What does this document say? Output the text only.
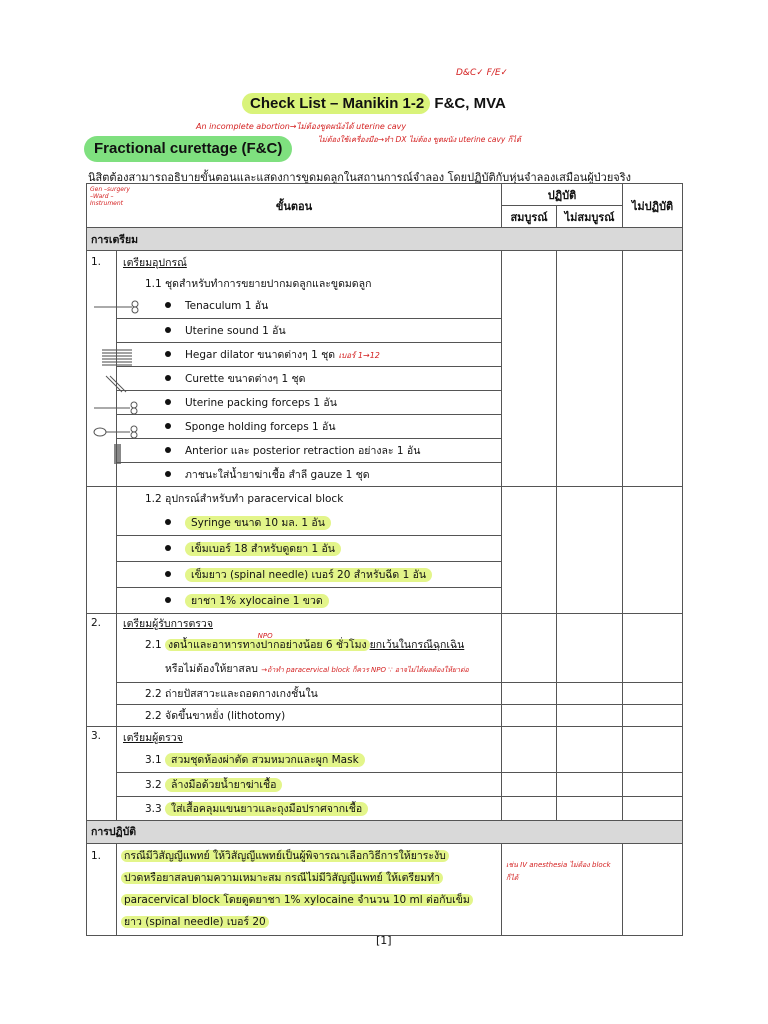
Check List – Manikin 1-2 F&C, MVA
D&C✓ F/E✓
An incomplete abortion→ไม่ต้องขูดผนังได้ uterine cavy
ไม่ต้องใช้เครื่องมือ→ทำ DX ไม่ต้อง ขูดผนัง uterine cavy ก็ได้
Fractional curettage (F&C)
นิสิตต้องสามารถอธิบายขั้นตอนและแสดงการขูดมดลูกในสถานการณ์จำลอง โดยปฏิบัติกับหุ่นจำลองเสมือนผู้ป่วยจริง
Gen –surgery –Ward –Instrument	ขั้นตอน		ปฏิบัติ		ไม่ปฏิบัติ
		สมบูรณ์	ไม่สมบูรณ์	
การเตรียม				
1.	เตรียมอุปกรณ์			
	1.1 ชุดสำหรับทำการขยายปากมดลูกและขูดมดลูก			
	Tenaculum 1 อัน			
	Uterine sound 1 อัน			
	Hegar dilator ขนาดต่างๆ 1 ชุด เบอร์ 1→12			
	Curette ขนาดต่างๆ 1 ชุด			
	Uterine packing forceps 1 อัน			
	Sponge holding forceps 1 อัน			
	Anterior และ posterior retraction อย่างละ 1 อัน			
	ภาชนะใส่น้ำยาฆ่าเชื้อ สำลี gauze 1 ชุด			
	1.2 อุปกรณ์สำหรับทำ paracervical block			
	Syringe ขนาด 10 มล. 1 อัน			
	เข็มเบอร์ 18 สำหรับดูดยา 1 อัน			
	เข็มยาว (spinal needle) เบอร์ 20 สำหรับฉีด 1 อัน			
	ยาชา 1% xylocaine 1 ขวด			
2.	เตรียมผู้รับการตรวจ			
	2.1 งดน้ำและอาหารทางปากอย่างน้อย 6 ชั่วโมง ยกเว้นในกรณีฉุกเฉิน $^{NPO}$
หรือไม่ต้องให้ยาสลบ →ถ้าทำ paracervical block ก็ควร NPO ∵ อาจไม่ได้ผลต้องให้ยาต่อ			
	2.2 ถ่ายปัสสาวะและถอดกางเกงชั้นใน			
	2.2 จัดขึ้นขาหยั่ง (lithotomy)			
3.	เตรียมผู้ตรวจ			
	3.1 สวมชุดห้องผ่าตัด สวมหมวกและผูก Mask			
	3.2 ล้างมือด้วยน้ำยาฆ่าเชื้อ			
	3.3 ใส่เสื้อคลุมแขนยาวและถุงมือปราศจากเชื้อ			
การปฏิบัติ				
1.	กรณีมีวิสัญญีแพทย์ ให้วิสัญญีแพทย์เป็นผู้พิจารณาเลือกวิธีการให้ยาระงับ
ปวดหรือยาสลบตามความเหมาะสม กรณีไม่มีวิสัญญีแพทย์ ให้เตรียมทำ
paracervical block โดยดูดยาชา 1% xylocaine จำนวน 10 ml ต่อกับเข็ม
ยาว (spinal needle) เบอร์ 20	เช่น IV anesthesia ไม่ต้อง block ก็ได้		
[1]
